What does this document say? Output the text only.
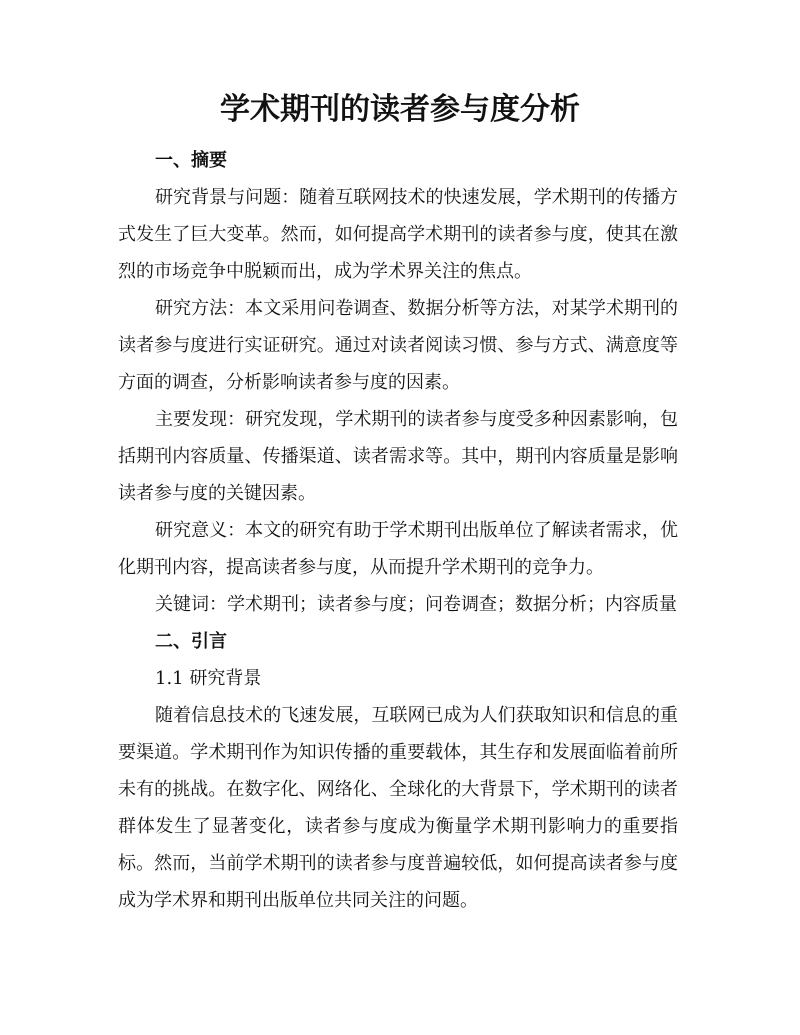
学术期刊的读者参与度分析
一、摘要

研究背景与问题：随着互联网技术的快速发展，学术期刊的传播方式发生了巨大变革。然而，如何提高学术期刊的读者参与度，使其在激烈的市场竞争中脱颖而出，成为学术界关注的焦点。

研究方法：本文采用问卷调查、数据分析等方法，对某学术期刊的读者参与度进行实证研究。通过对读者阅读习惯、参与方式、满意度等方面的调查，分析影响读者参与度的因素。

主要发现：研究发现，学术期刊的读者参与度受多种因素影响，包括期刊内容质量、传播渠道、读者需求等。其中，期刊内容质量是影响读者参与度的关键因素。

研究意义：本文的研究有助于学术期刊出版单位了解读者需求，优化期刊内容，提高读者参与度，从而提升学术期刊的竞争力。

关键词：学术期刊；读者参与度；问卷调查；数据分析；内容质量

二、引言

1.1 研究背景

随着信息技术的飞速发展，互联网已成为人们获取知识和信息的重要渠道。学术期刊作为知识传播的重要载体，其生存和发展面临着前所未有的挑战。在数字化、网络化、全球化的大背景下，学术期刊的读者群体发生了显著变化，读者参与度成为衡量学术期刊影响力的重要指标。然而，当前学术期刊的读者参与度普遍较低，如何提高读者参与度成为学术界和期刊出版单位共同关注的问题。
